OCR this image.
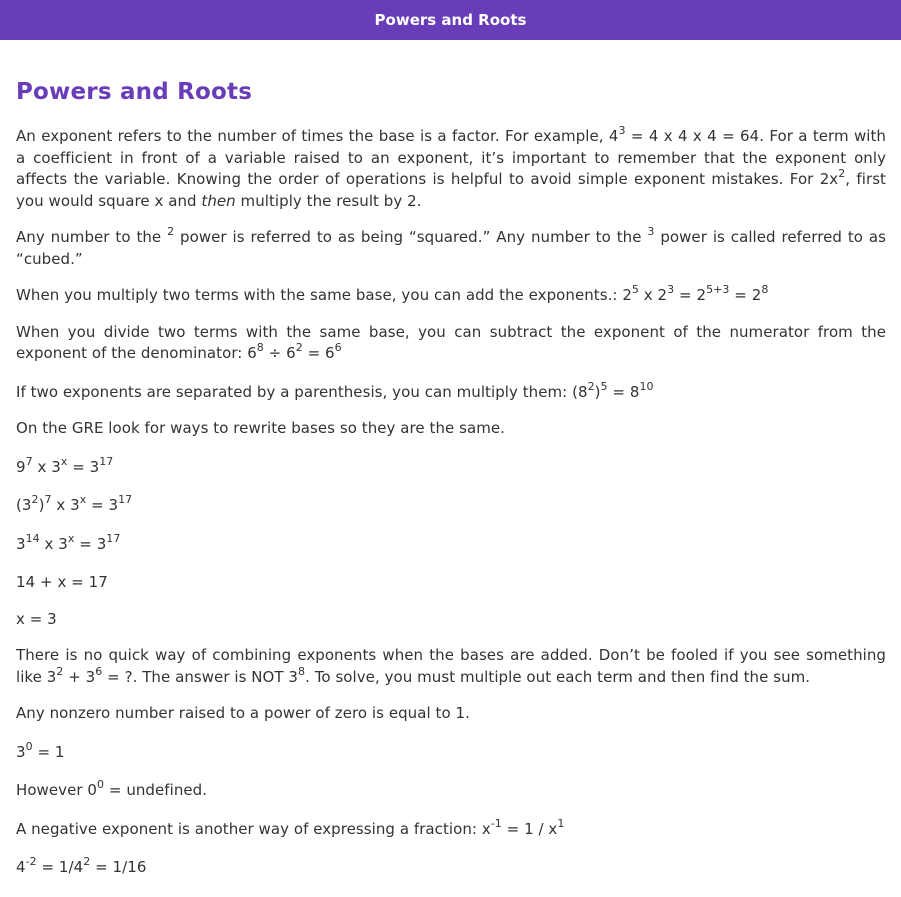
Powers and Roots
Powers and Roots

An exponent refers to the number of times the base is a factor. For example, $4^3 = 4$ x 4 x 4 = 64. For a term with a coefficient in front of a variable raised to an exponent, it’s important to remember that the exponent only affects the variable. Knowing the order of operations is helpful to avoid simple exponent mistakes. For $2x^2$, first you would square x and then multiply the result by 2.

Any number to the $^2$ power is referred to as being “squared.” Any number to the $^3$ power is called referred to as “cubed.”

When you multiply two terms with the same base, you can add the exponents.: $2^5$ x $2^3 = 2^{5+3} = 2^8$

When you divide two terms with the same base, you can subtract the exponent of the numerator from the exponent of the denominator: $6^8 \div 6^2 = 6^6$

If two exponents are separated by a parenthesis, you can multiply them: $(8^2)^5 = 8^{10}$

On the GRE look for ways to rewrite bases so they are the same.

$9^7$ x $3^x = 3^{17}$

$(3^2)^7$ x $3^x = 3^{17}$

$3^{14}$ x $3^x = 3^{17}$

14 + x = 17

x = 3

There is no quick way of combining exponents when the bases are added. Don’t be fooled if you see something like $3^2 + 3^6$ = ?. The answer is NOT $3^8$. To solve, you must multiple out each term and then find the sum.

Any nonzero number raised to a power of zero is equal to 1.

$3^0 = 1$

However $0^0$ = undefined.

A negative exponent is another way of expressing a fraction: $x^{-1} = 1 / x^1$

$4^{-2} = 1/4^2 = 1/16$
